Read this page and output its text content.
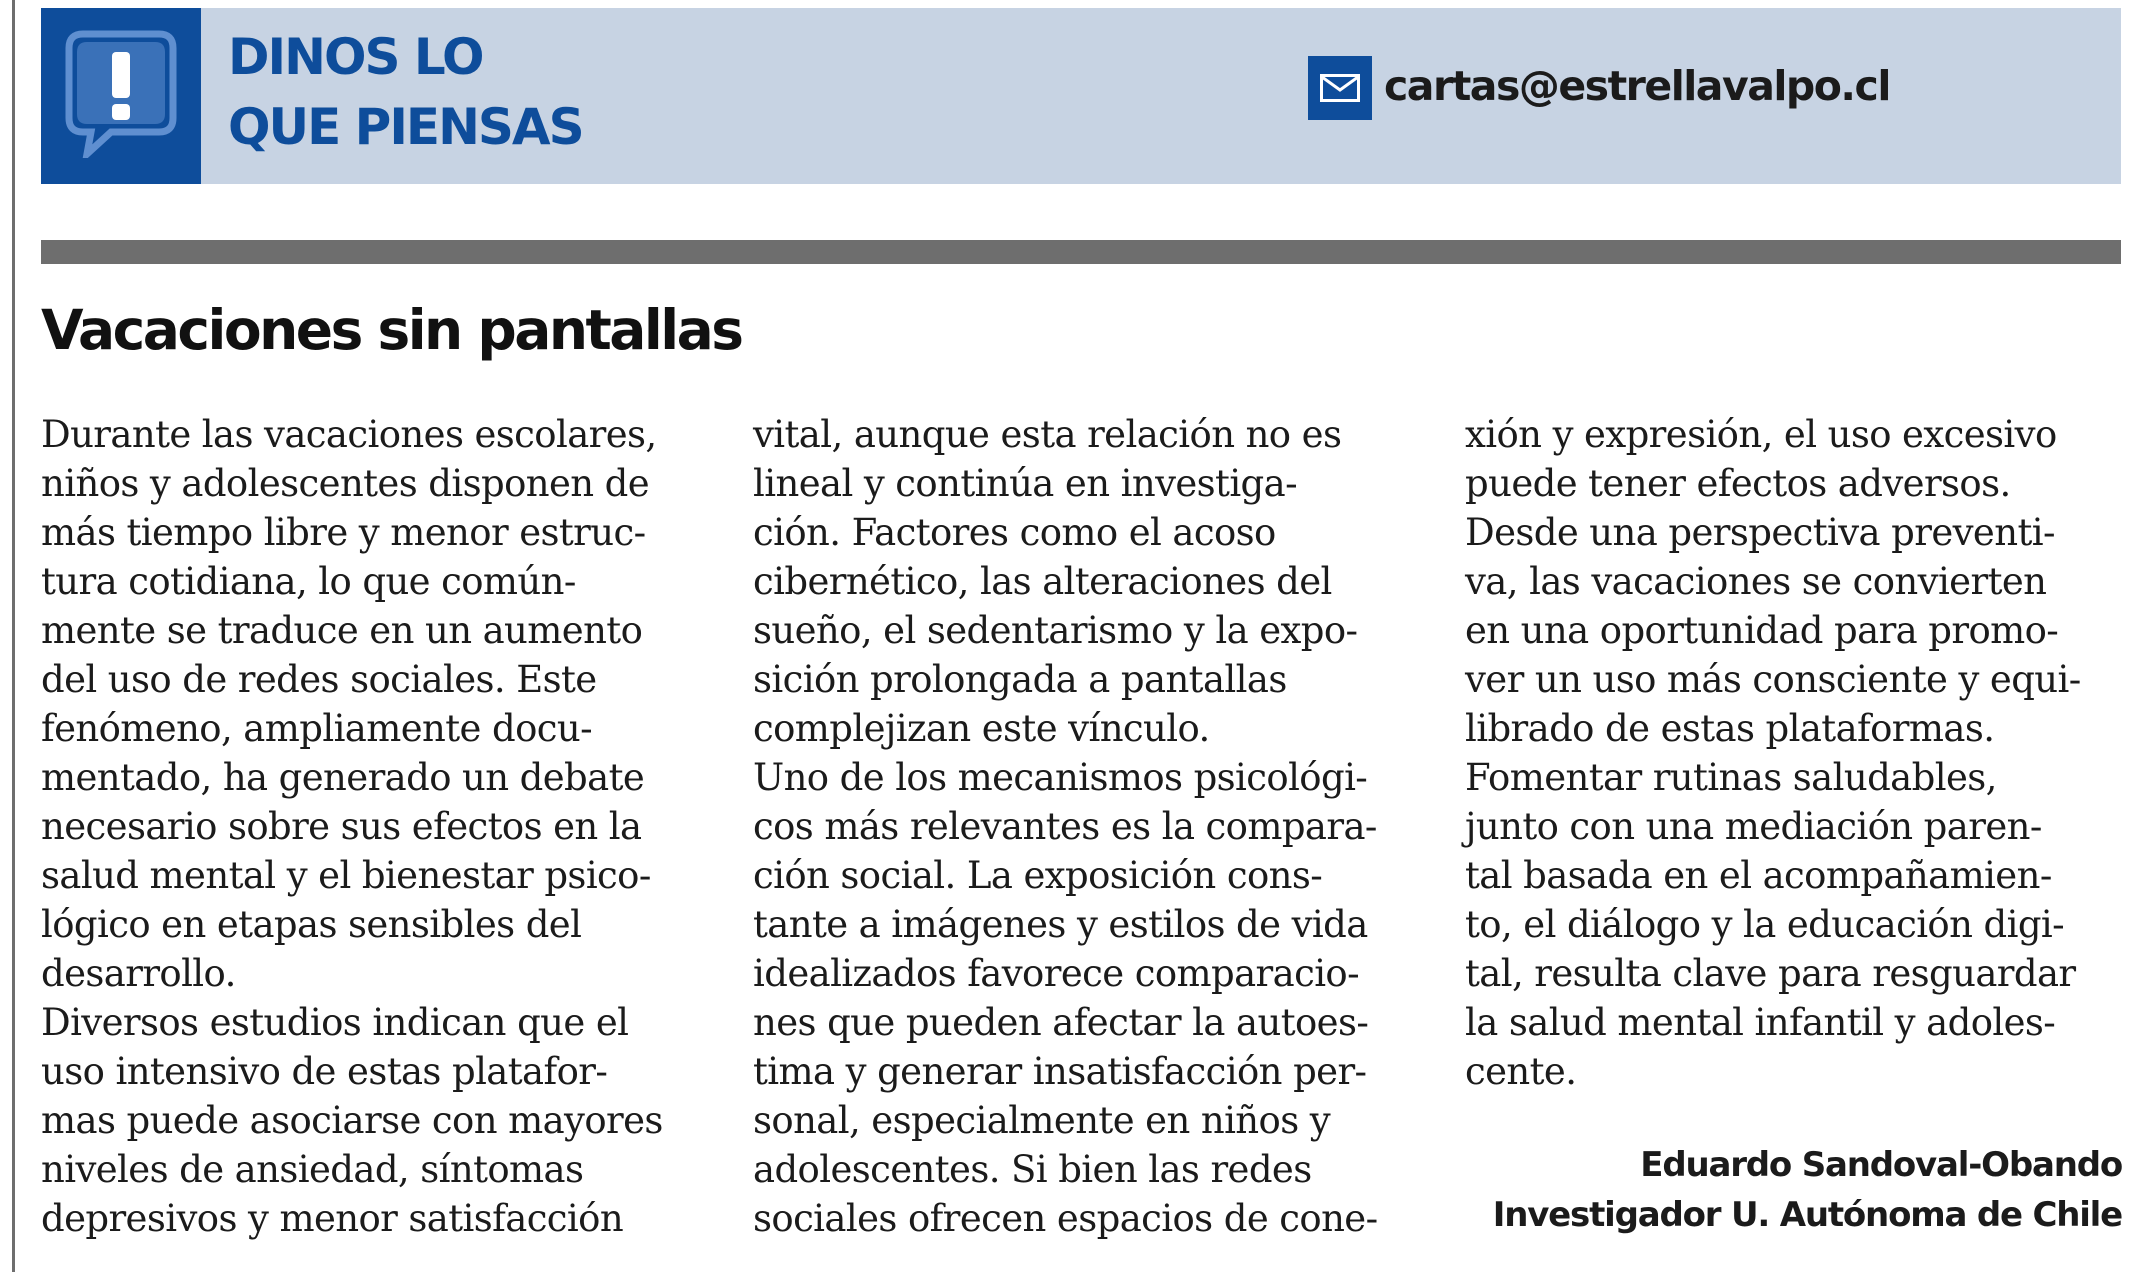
DINOS LO
QUE PIENSAS
cartas@estrellavalpo.cl
Vacaciones sin pantallas
Durante las vacaciones escolares,
niños y adolescentes disponen de
más tiempo libre y menor estruc-
tura cotidiana, lo que común-
mente se traduce en un aumento
del uso de redes sociales. Este
fenómeno, ampliamente docu-
mentado, ha generado un debate
necesario sobre sus efectos en la
salud mental y el bienestar psico-
lógico en etapas sensibles del
desarrollo.
Diversos estudios indican que el
uso intensivo de estas platafor-
mas puede asociarse con mayores
niveles de ansiedad, síntomas
depresivos y menor satisfacción
vital, aunque esta relación no es
lineal y continúa en investiga-
ción. Factores como el acoso
cibernético, las alteraciones del
sueño, el sedentarismo y la expo-
sición prolongada a pantallas
complejizan este vínculo.
Uno de los mecanismos psicológi-
cos más relevantes es la compara-
ción social. La exposición cons-
tante a imágenes y estilos de vida
idealizados favorece comparacio-
nes que pueden afectar la autoes-
tima y generar insatisfacción per-
sonal, especialmente en niños y
adolescentes. Si bien las redes
sociales ofrecen espacios de cone-
xión y expresión, el uso excesivo
puede tener efectos adversos.
Desde una perspectiva preventi-
va, las vacaciones se convierten
en una oportunidad para promo-
ver un uso más consciente y equi-
librado de estas plataformas.
Fomentar rutinas saludables,
junto con una mediación paren-
tal basada en el acompañamien-
to, el diálogo y la educación digi-
tal, resulta clave para resguardar
la salud mental infantil y adoles-
cente.
Eduardo Sandoval-Obando
Investigador U. Autónoma de Chile
